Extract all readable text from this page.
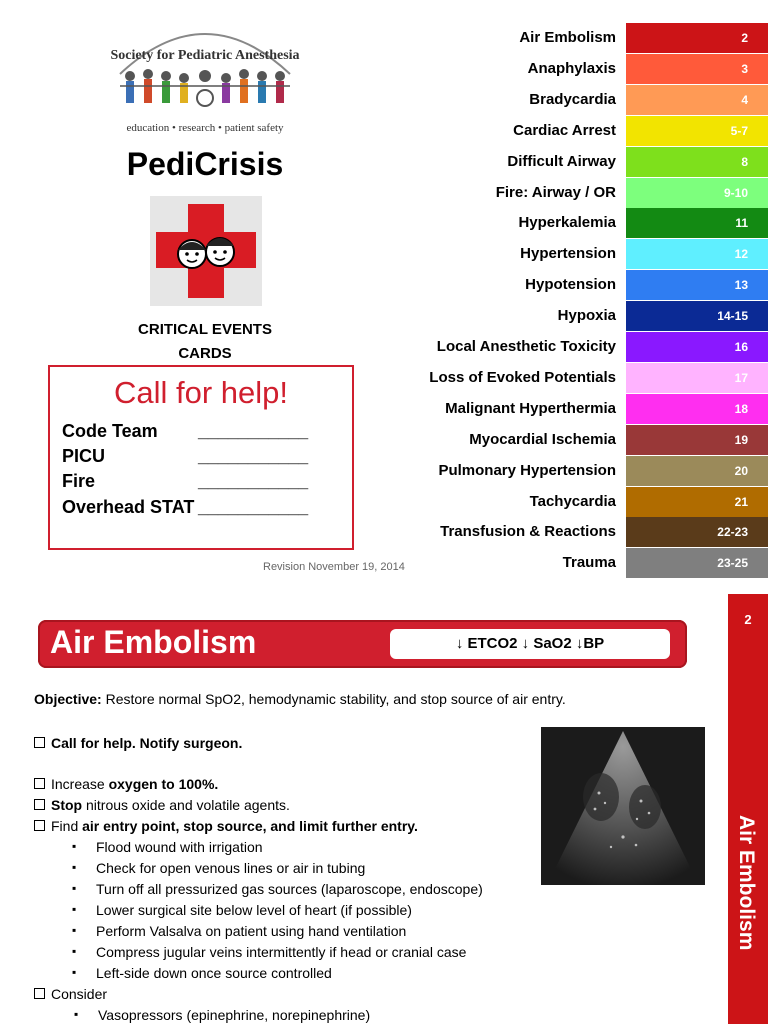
Society for Pediatric Anesthesia
education • research • patient safety
PediCrisis
CRITICAL EVENTS
CARDS
Call for help!
Code Team ___________
PICU	___________
Fire	___________
Overhead STAT ___________
Revision November 19, 2014
Air Embolism	2
Anaphylaxis	3
Bradycardia	4
Cardiac Arrest	5-7
Difficult Airway	8
Fire: Airway / OR	9-10
Hyperkalemia	11
Hypertension	12
Hypotension	13
Hypoxia	14-15
Local Anesthetic Toxicity	16
Loss of Evoked Potentials	17
Malignant Hyperthermia	18
Myocardial Ischemia	19
Pulmonary Hypertension	20
Tachycardia	21
Transfusion & Reactions	22-23
Trauma	23-25
Air Embolism	↓ ETCO2 ↓ SaO2 ↓BP
2
Air Embolism
Objective: Restore normal SpO2, hemodynamic stability, and stop source of air entry.
Call for help. Notify surgeon.
Increase oxygen to 100%.
Stop nitrous oxide and volatile agents.
Find air entry point, stop source, and limit further entry.
▪ Flood wound with irrigation
▪ Check for open venous lines or air in tubing
▪ Turn off all pressurized gas sources (laparoscope, endoscope)
▪ Lower surgical site below level of heart (if possible)
▪ Perform Valsalva on patient using hand ventilation
▪ Compress jugular veins intermittently if head or cranial case
▪ Left-side down once source controlled
Consider
▪ Vasopressors (epinephrine, norepinephrine)
